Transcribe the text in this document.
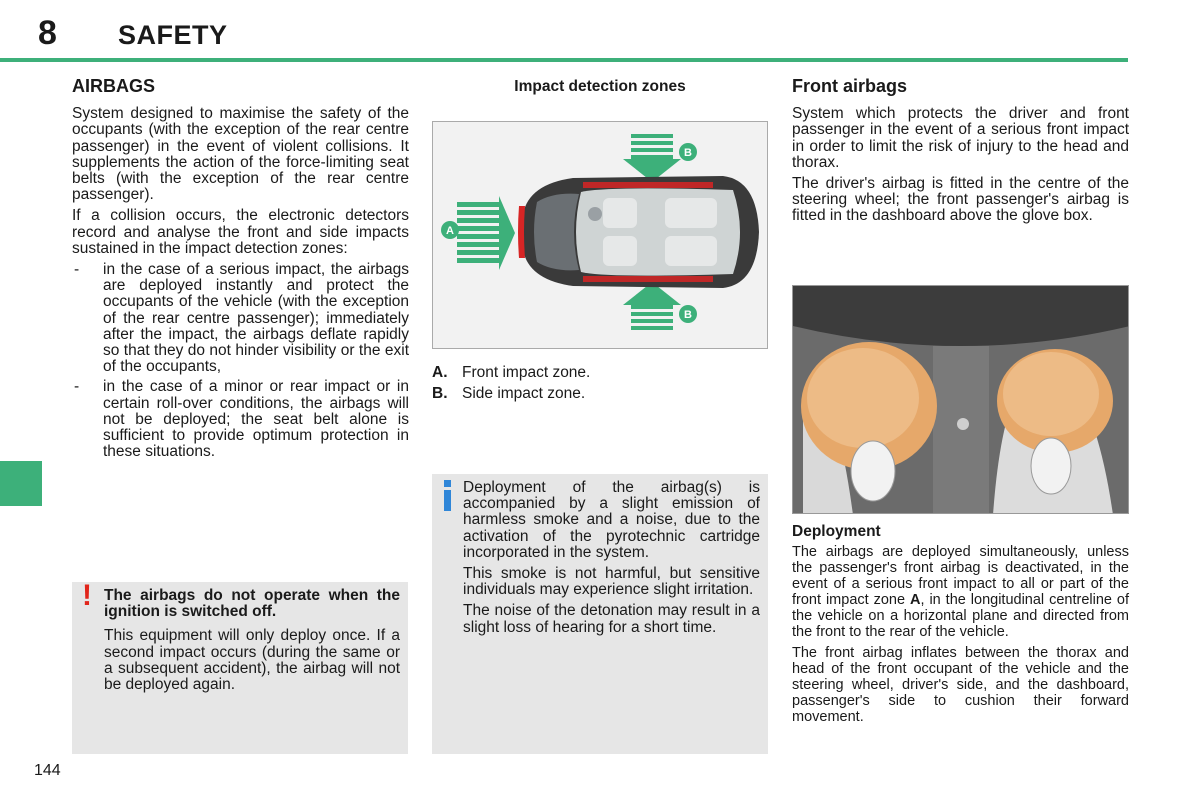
8 SAFETY
144
AIRBAGS

System designed to maximise the safety of the occupants (with the exception of the rear centre passenger) in the event of violent collisions. It supplements the action of the force-limiting seat belts (with the exception of the rear centre passenger).

If a collision occurs, the electronic detectors record and analyse the front and side impacts sustained in the impact detection zones:

- in the case of a serious impact, the airbags are deployed instantly and protect the occupants of the vehicle (with the exception of the rear centre passenger); immediately after the impact, the airbags deflate rapidly so that they do not hinder visibility or the exit of the occupants,
- in the case of a minor or rear impact or in certain roll-over conditions, the airbags will not be deployed; the seat belt alone is sufficient to provide optimum protection in these situations.
! The airbags do not operate when the ignition is switched off.

This equipment will only deploy once. If a second impact occurs (during the same or a subsequent accident), the airbag will not be deployed again.

Impact detection zones
A
B
B
A. Front impact zone.
B. Side impact zone.

Deployment of the airbag(s) is accompanied by a slight emission of harmless smoke and a noise, due to the activation of the pyrotechnic cartridge incorporated in the system.

This smoke is not harmful, but sensitive individuals may experience slight irritation.

The noise of the detonation may result in a slight loss of hearing for a short time.

Front airbags

System which protects the driver and front passenger in the event of a serious front impact in order to limit the risk of injury to the head and thorax.

The driver's airbag is fitted in the centre of the steering wheel; the front passenger's airbag is fitted in the dashboard above the glove box.

Deployment

The airbags are deployed simultaneously, unless the passenger's front airbag is deactivated, in the event of a serious front impact to all or part of the front impact zone A, in the longitudinal centreline of the vehicle on a horizontal plane and directed from the front to the rear of the vehicle.

The front airbag inflates between the thorax and head of the front occupant of the vehicle and the steering wheel, driver's side, and the dashboard, passenger's side to cushion their forward movement.
